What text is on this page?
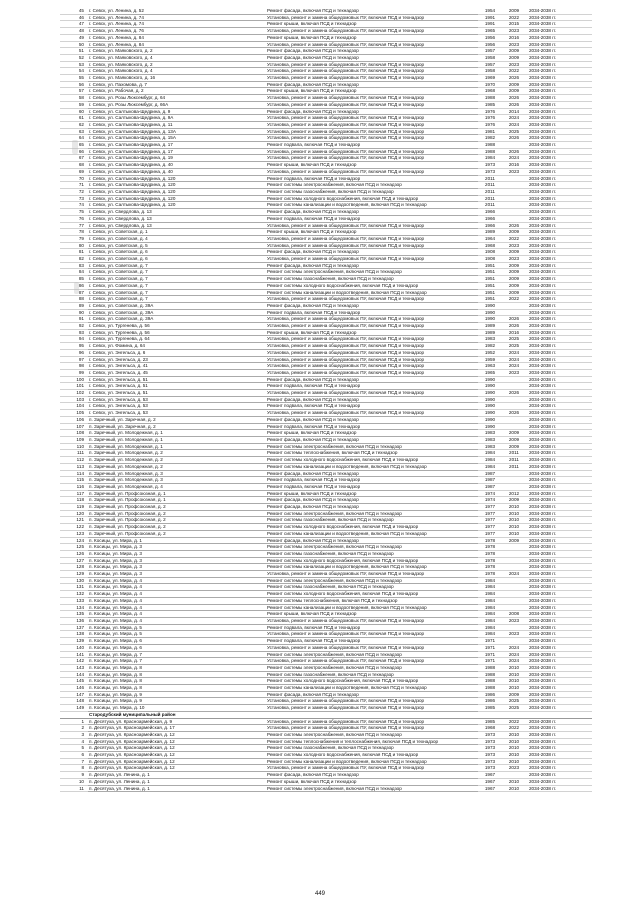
45	г. Севск, ул. Ленина, д. 52	Ремонт фасада, включая ПСД и технадзор	1954	2009	2034-2038 гг.
46	г. Севск, ул. Ленина, д. 74	Установка, ремонт и замена общедомовых ПУ, включая ПСД и технадзор	1991	2022	2034-2038 гг.
47	г. Севск, ул. Ленина, д. 74	Ремонт крыши, включая ПСД и технадзор	1991	2015	2034-2038 гг.
48	г. Севск, ул. Ленина, д. 76	Установка, ремонт и замена общедомовых ПУ, включая ПСД и технадзор	1965	2023	2034-2038 гг.
49	г. Севск, ул. Ленина, д. 84	Ремонт крыши, включая ПСД и технадзор	1956	2016	2034-2038 гг.
50	г. Севск, ул. Ленина, д. 84	Установка, ремонт и замена общедомовых ПУ, включая ПСД и технадзор	1956	2023	2034-2038 гг.
51	г. Севск, ул. Маяковского, д. 2	Ремонт фасада, включая ПСД и технадзор	1957	2009	2034-2038 гг.
52	г. Севск, ул. Маяковского, д. 4	Ремонт фасада, включая ПСД и технадзор	1958	2009	2034-2038 гг.
53	г. Севск, ул. Маяковского, д. 2	Установка, ремонт и замена общедомовых ПУ, включая ПСД и технадзор	1957	2023	2034-2038 гг.
54	г. Севск, ул. Маяковского, д. 4	Установка, ремонт и замена общедомовых ПУ, включая ПСД и технадзор	1958	2022	2034-2038 гг.
55	г. Севск, ул. Маяковского, д. 16	Установка, ремонт и замена общедомовых ПУ, включая ПСД и технадзор	1969	2026	2034-2038 гг.
56	г. Севск, ул. Пахомова, д. 7	Ремонт фасада, включая ПСД и технадзор	1970	2009	2034-2038 гг.
57	г. Севск, ул. Рабочая, д. 2	Ремонт крыши, включая ПСД и технадзор	1968	2009	2034-2038 гг.
58	г. Севск, ул. Розы Люксембург, д. 64	Установка, ремонт и замена общедомовых ПУ, включая ПСД и технадзор	1988	2026	2034-2038 гг.
59	г. Севск, ул. Розы Люксембург, д. 66А	Установка, ремонт и замена общедомовых ПУ, включая ПСД и технадзор	1985	2026	2034-2038 гг.
60	г. Севск, ул. Салтыкова-Щедрина, д. 9	Ремонт фасада, включая ПСД и технадзор	1976	2014	2034-2038 гг.
61	г. Севск, ул. Салтыкова-Щедрина, д. 9А	Установка, ремонт и замена общедомовых ПУ, включая ПСД и технадзор	1976	2024	2034-2038 гг.
62	г. Севск, ул. Салтыкова-Щедрина, д. 11	Установка, ремонт и замена общедомовых ПУ, включая ПСД и технадзор	1976	2024	2034-2038 гг.
63	г. Севск, ул. Салтыкова-Щедрина, д. 13А	Установка, ремонт и замена общедомовых ПУ, включая ПСД и технадзор	1981	2025	2034-2038 гг.
64	г. Севск, ул. Салтыкова-Щедрина, д. 15А	Установка, ремонт и замена общедомовых ПУ, включая ПСД и технадзор	1982	2026	2034-2038 гг.
65	г. Севск, ул. Салтыкова-Щедрина, д. 17	Ремонт подвала, включая ПСД и технадзор	1988		2034-2038 гг.
66	г. Севск, ул. Салтыкова-Щедрина, д. 17	Установка, ремонт и замена общедомовых ПУ, включая ПСД и технадзор	1988	2026	2034-2038 гг.
67	г. Севск, ул. Салтыкова-Щедрина, д. 19	Установка, ремонт и замена общедомовых ПУ, включая ПСД и технадзор	1984	2024	2034-2038 гг.
68	г. Севск, ул. Салтыкова-Щедрина, д. 40	Ремонт крыши, включая ПСД и технадзор	1973	2016	2034-2038 гг.
69	г. Севск, ул. Салтыкова-Щедрина, д. 40	Установка, ремонт и замена общедомовых ПУ, включая ПСД и технадзор	1973	2023	2034-2038 гг.
70	г. Севск, ул. Салтыкова-Щедрина, д. 120	Ремонт подвала, включая ПСД и технадзор	2011		2034-2038 гг.
71	г. Севск, ул. Салтыкова-Щедрина, д. 120	Ремонт системы электроснабжения, включая ПСД и технадзор	2011		2034-2038 гг.
72	г. Севск, ул. Салтыкова-Щедрина, д. 120	Ремонт системы газоснабжения, включая ПСД и технадзор	2011		2034-2038 гг.
73	г. Севск, ул. Салтыкова-Щедрина, д. 120	Ремонт системы холодного водоснабжения, включая ПСД и технадзор	2011		2034-2038 гг.
74	г. Севск, ул. Салтыкова-Щедрина, д. 120	Ремонт системы канализации и водоотведения, включая ПСД и технадзор	2011		2034-2038 гг.
75	г. Севск, ул. Свердлова, д. 13	Ремонт фасада, включая ПСД и технадзор	1966		2034-2038 гг.
76	г. Севск, ул. Свердлова, д. 13	Ремонт подвала, включая ПСД и технадзор	1966		2034-2038 гг.
77	г. Севск, ул. Свердлова, д. 13	Установка, ремонт и замена общедомовых ПУ, включая ПСД и технадзор	1966	2026	2034-2038 гг.
78	г. Севск, ул. Советская, д. 1	Ремонт крыши, включая ПСД и технадзор	1989	2009	2034-2038 гг.
79	г. Севск, ул. Советская, д. 4	Установка, ремонт и замена общедомовых ПУ, включая ПСД и технадзор	1964	2022	2034-2038 гг.
80	г. Севск, ул. Советская, д. 5	Установка, ремонт и замена общедомовых ПУ, включая ПСД и технадзор	1968	2023	2034-2038 гг.
81	г. Севск, ул. Советская, д. 6	Ремонт фасада, включая ПСД и технадзор	1908	2009	2034-2038 гг.
82	г. Севск, ул. Советская, д. 6	Установка, ремонт и замена общедомовых ПУ, включая ПСД и технадзор	1908	2023	2034-2038 гг.
83	г. Севск, ул. Советская, д. 7	Ремонт фасада, включая ПСД и технадзор	1951	2009	2034-2038 гг.
84	г. Севск, ул. Советская, д. 7	Ремонт системы электроснабжения, включая ПСД и технадзор	1951	2009	2034-2038 гг.
85	г. Севск, ул. Советская, д. 7	Ремонт системы газоснабжения, включая ПСД и технадзор	1951	2009	2034-2038 гг.
86	г. Севск, ул. Советская, д. 7	Ремонт системы холодного водоснабжения, включая ПСД и технадзор	1951	2009	2034-2038 гг.
87	г. Севск, ул. Советская, д. 7	Ремонт системы канализации и водоотведения, включая ПСД и технадзор	1951	2009	2034-2038 гг.
88	г. Севск, ул. Советская, д. 7	Установка, ремонт и замена общедомовых ПУ, включая ПСД и технадзор	1951	2022	2034-2038 гг.
89	г. Севск, ул. Советская, д. 39А	Ремонт фасада, включая ПСД и технадзор	1990		2034-2038 гг.
90	г. Севск, ул. Советская, д. 39А	Ремонт подвала, включая ПСД и технадзор	1990		2034-2038 гг.
91	г. Севск, ул. Советская, д. 39А	Установка, ремонт и замена общедомовых ПУ, включая ПСД и технадзор	1990	2026	2034-2038 гг.
92	г. Севск, ул. Тургенева, д. 56	Установка, ремонт и замена общедомовых ПУ, включая ПСД и технадзор	1989	2026	2034-2038 гг.
93	г. Севск, ул. Тургенева, д. 56	Ремонт крыши, включая ПСД и технадзор	1989	2016	2034-2038 гг.
94	г. Севск, ул. Тургенева, д. 64	Установка, ремонт и замена общедомовых ПУ, включая ПСД и технадзор	1983	2025	2034-2038 гг.
95	г. Севск, ул. Фомина, д. 64	Установка, ремонт и замена общедомовых ПУ, включая ПСД и технадзор	1982	2025	2034-2038 гг.
96	г. Севск, ул. Энгельса, д. 6	Установка, ремонт и замена общедомовых ПУ, включая ПСД и технадзор	1952	2024	2034-2038 гг.
97	г. Севск, ул. Энгельса, д. 23	Установка, ремонт и замена общедомовых ПУ, включая ПСД и технадзор	1959	2024	2034-2038 гг.
98	г. Севск, ул. Энгельса, д. 41	Установка, ремонт и замена общедомовых ПУ, включая ПСД и технадзор	1963	2024	2034-2038 гг.
99	г. Севск, ул. Энгельса, д. 45	Установка, ремонт и замена общедомовых ПУ, включая ПСД и технадзор	1965	2023	2034-2038 гг.
100	г. Севск, ул. Энгельса, д. 51	Ремонт фасада, включая ПСД и технадзор	1990		2034-2038 гг.
101	г. Севск, ул. Энгельса, д. 51	Ремонт подвала, включая ПСД и технадзор	1990		2034-2038 гг.
102	г. Севск, ул. Энгельса, д. 51	Установка, ремонт и замена общедомовых ПУ, включая ПСД и технадзор	1990	2026	2034-2038 гг.
103	г. Севск, ул. Энгельса, д. 53	Ремонт фасада, включая ПСД и технадзор	1990		2034-2038 гг.
104	г. Севск, ул. Энгельса, д. 53	Ремонт подвала, включая ПСД и технадзор	1990		2034-2038 гг.
105	г. Севск, ул. Энгельса, д. 53	Установка, ремонт и замена общедомовых ПУ, включая ПСД и технадзор	1990	2026	2034-2038 гг.
106	п. Заречный, ул. Заречная, д. 2	Ремонт фасада, включая ПСД и технадзор	1990		2034-2038 гг.
107	п. Заречный, ул. Заречная, д. 2	Ремонт подвала, включая ПСД и технадзор	1990		2034-2038 гг.
108	п. Заречный, ул. Молодежная, д. 1	Ремонт крыши, включая ПСД и технадзор	1983	2009	2034-2038 гг.
109	п. Заречный, ул. Молодежная, д. 1	Ремонт фасада, включая ПСД и технадзор	1983	2009	2034-2038 гг.
110	п. Заречный, ул. Молодежная, д. 1	Ремонт системы электроснабжения, включая ПСД и технадзор	1983	2009	2034-2038 гг.
111	п. Заречный, ул. Молодежная, д. 2	Ремонт системы теплоснабжения, включая ПСД и технадзор	1984	2011	2034-2038 гг.
112	п. Заречный, ул. Молодежная, д. 2	Ремонт системы холодного водоснабжения, включая ПСД и технадзор	1984	2011	2034-2038 гг.
113	п. Заречный, ул. Молодежная, д. 2	Ремонт системы канализации и водоотведения, включая ПСД и технадзор	1984	2011	2034-2038 гг.
114	п. Заречный, ул. Молодежная, д. 3	Ремонт фасада, включая ПСД и технадзор	1987		2034-2038 гг.
115	п. Заречный, ул. Молодежная, д. 3	Ремонт подвала, включая ПСД и технадзор	1987		2034-2038 гг.
116	п. Заречный, ул. Молодежная, д. 4	Ремонт подвала, включая ПСД и технадзор	1987		2034-2038 гг.
117	п. Заречный, ул. Профсоюзная, д. 1	Ремонт крыши, включая ПСД и технадзор	1974	2012	2034-2038 гг.
118	п. Заречный, ул. Профсоюзная, д. 1	Ремонт фасада, включая ПСД и технадзор	1974	2009	2034-2038 гг.
119	п. Заречный, ул. Профсоюзная, д. 2	Ремонт фасада, включая ПСД и технадзор	1977	2010	2034-2038 гг.
120	п. Заречный, ул. Профсоюзная, д. 2	Ремонт системы электроснабжения, включая ПСД и технадзор	1977	2010	2034-2038 гг.
121	п. Заречный, ул. Профсоюзная, д. 2	Ремонт системы газоснабжения, включая ПСД и технадзор	1977	2010	2034-2038 гг.
122	п. Заречный, ул. Профсоюзная, д. 2	Ремонт системы холодного водоснабжения, включая ПСД и технадзор	1977	2010	2034-2038 гг.
123	п. Заречный, ул. Профсоюзная, д. 2	Ремонт системы канализации и водоотведения, включая ПСД и технадзор	1977	2010	2034-2038 гг.
124	п. Косицы, ул. Мира, д. 1	Ремонт фасада, включая ПСД и технадзор	1978	2009	2034-2038 гг.
125	п. Косицы, ул. Мира, д. 3	Ремонт системы электроснабжения, включая ПСД и технадзор	1978		2034-2038 гг.
126	п. Косицы, ул. Мира, д. 3	Ремонт системы газоснабжения, включая ПСД и технадзор	1978		2034-2038 гг.
127	п. Косицы, ул. Мира, д. 3	Ремонт системы холодного водоснабжения, включая ПСД и технадзор	1978		2034-2038 гг.
128	п. Косицы, ул. Мира, д. 3	Ремонт системы канализации и водоотведения, включая ПСД и технадзор	1978		2034-2038 гг.
129	п. Косицы, ул. Мира, д. 3	Установка, ремонт и замена общедомовых ПУ, включая ПСД и технадзор	1978	2024	2034-2038 гг.
130	п. Косицы, ул. Мира, д. 4	Ремонт системы электроснабжения, включая ПСД и технадзор	1984		2034-2038 гг.
131	п. Косицы, ул. Мира, д. 4	Ремонт системы газоснабжения, включая ПСД и технадзор	1984		2034-2038 гг.
132	п. Косицы, ул. Мира, д. 4	Ремонт системы холодного водоснабжения, включая ПСД и технадзор	1984		2034-2038 гг.
133	п. Косицы, ул. Мира, д. 4	Ремонт системы теплоснабжения, включая ПСД и технадзор	1984		2034-2038 гг.
134	п. Косицы, ул. Мира, д. 4	Ремонт системы канализации и водоотведения, включая ПСД и технадзор	1984		2034-2038 гг.
135	п. Косицы, ул. Мира, д. 4	Ремонт крыши, включая ПСД и технадзор	1984	2008	2034-2038 гг.
136	п. Косицы, ул. Мира, д. 4	Установка, ремонт и замена общедомовых ПУ, включая ПСД и технадзор	1984	2023	2034-2038 гг.
137	п. Косицы, ул. Мира, д. 5	Ремонт подвала, включая ПСД и технадзор	1984		2034-2038 гг.
138	п. Косицы, ул. Мира, д. 5	Установка, ремонт и замена общедомовых ПУ, включая ПСД и технадзор	1984	2023	2034-2038 гг.
139	п. Косицы, ул. Мира, д. 6	Ремонт подвала, включая ПСД и технадзор	1971		2034-2038 гг.
140	п. Косицы, ул. Мира, д. 6	Установка, ремонт и замена общедомовых ПУ, включая ПСД и технадзор	1971	2024	2034-2038 гг.
141	п. Косицы, ул. Мира, д. 7	Ремонт системы электроснабжения, включая ПСД и технадзор	1971	2024	2034-2038 гг.
142	п. Косицы, ул. Мира, д. 7	Установка, ремонт и замена общедомовых ПУ, включая ПСД и технадзор	1971	2024	2034-2038 гг.
143	п. Косицы, ул. Мира, д. 8	Ремонт системы электроснабжения, включая ПСД и технадзор	1988	2010	2034-2038 гг.
144	п. Косицы, ул. Мира, д. 8	Ремонт системы газоснабжения, включая ПСД и технадзор	1988	2010	2034-2038 гг.
145	п. Косицы, ул. Мира, д. 8	Ремонт системы холодного водоснабжения, включая ПСД и технадзор	1988	2010	2034-2038 гг.
146	п. Косицы, ул. Мира, д. 8	Ремонт системы канализации и водоотведения, включая ПСД и технадзор	1988	2010	2034-2038 гг.
147	п. Косицы, ул. Мира, д. 9	Ремонт фасада, включая ПСД и технадзор	1986	2009	2034-2038 гг.
148	п. Косицы, ул. Мира, д. 9	Установка, ремонт и замена общедомовых ПУ, включая ПСД и технадзор	1986	2025	2034-2038 гг.
149	п. Косицы, ул. Мира, д. 10	Установка, ремонт и замена общедомовых ПУ, включая ПСД и технадзор	1985	2025	2034-2038 гг.
	Стародубский муниципальный район				
1	п. Десятуха, ул. Красноармейская, д. 9	Установка, ремонт и замена общедомовых ПУ, включая ПСД и технадзор	1985	2022	2034-2038 гг.
2	п. Десятуха, ул. Красноармейская, д. 17	Установка, ремонт и замена общедомовых ПУ, включая ПСД и технадзор	1968	2022	2034-2038 гг.
3	п. Десятуха, ул. Красноармейская, д. 12	Ремонт системы электроснабжения, включая ПСД и технадзор	1973	2010	2034-2038 гг.
4	п. Десятуха, ул. Красноармейская, д. 12	Ремонт системы теплоснабжения и теплоснабжения, включая ПСД и технадзор	1973	2010	2034-2038 гг.
5	п. Десятуха, ул. Красноармейская, д. 12	Ремонт системы газоснабжения, включая ПСД и технадзор	1973	2010	2034-2038 гг.
6	п. Десятуха, ул. Красноармейская, д. 12	Ремонт системы холодного водоснабжения, включая ПСД и технадзор	1973	2010	2034-2038 гг.
7	п. Десятуха, ул. Красноармейская, д. 12	Ремонт системы канализации и водоотведения, включая ПСД и технадзор	1973	2010	2034-2038 гг.
8	п. Десятуха, ул. Красноармейская, д. 12	Установка, ремонт и замена общедомовых ПУ, включая ПСД и технадзор	1973	2023	2034-2038 гг.
9	п. Десятуха, ул. Ленина, д. 1	Ремонт фасада, включая ПСД и технадзор	1967		2034-2038 гг.
10	п. Десятуха, ул. Ленина, д. 1	Ремонт крыши, включая ПСД и технадзор	1967	2010	2034-2038 гг.
11	п. Десятуха, ул. Ленина, д. 1	Ремонт системы электроснабжения, включая ПСД и технадзор	1967	2010	2034-2038 гг.
449
